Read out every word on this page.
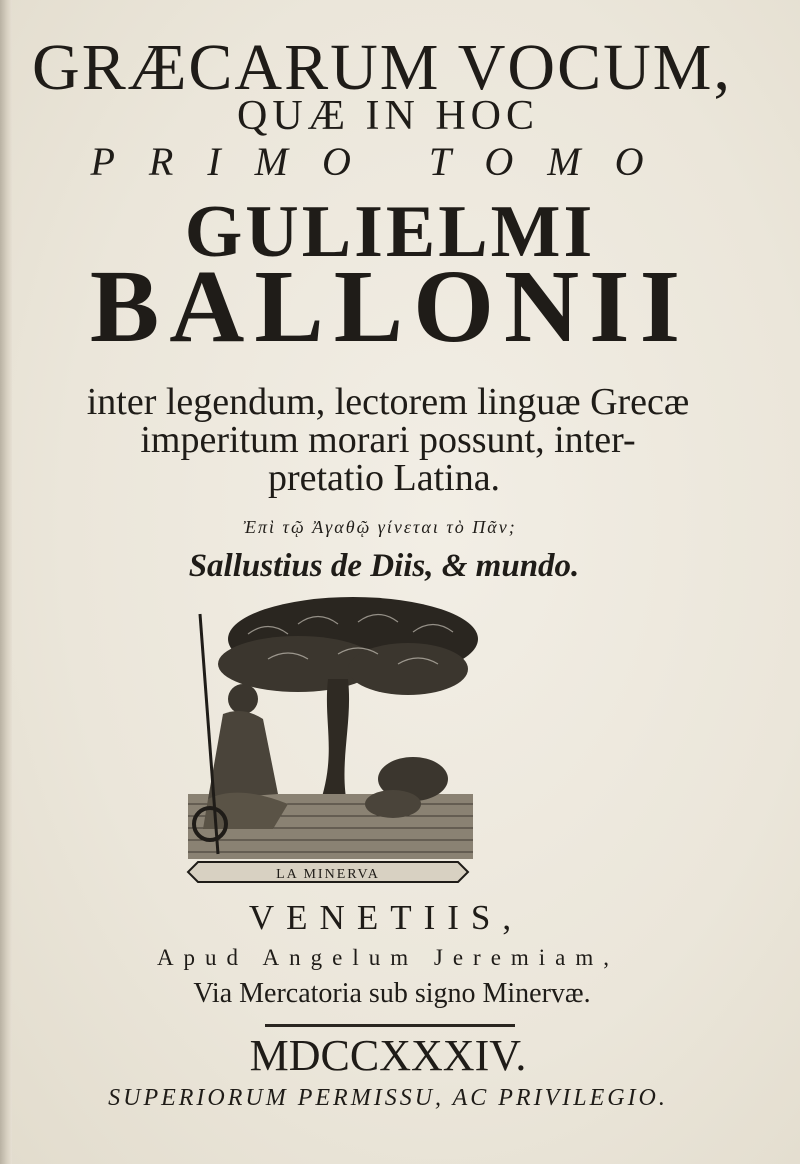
GRÆCARUM VOCUM,
QUÆ IN HOC
PRIMO TOMO
GULIELMI
BALLONII
inter legendum, lectorem linguæ Grecæ
imperitum morari possunt, inter-
pretatio Latina.
Ἐπὶ τῷ Ἀγαθῷ γίνεται τὸ Πᾶν;
Sallustius de Diis, & mundo.
LA MINERVA
VENETIIS,
Apud Angelum Jeremiam,
Via Mercatoria sub signo Minervæ.
MDCCXXXIV.
SUPERIORUM PERMISSU, AC PRIVILEGIO.
